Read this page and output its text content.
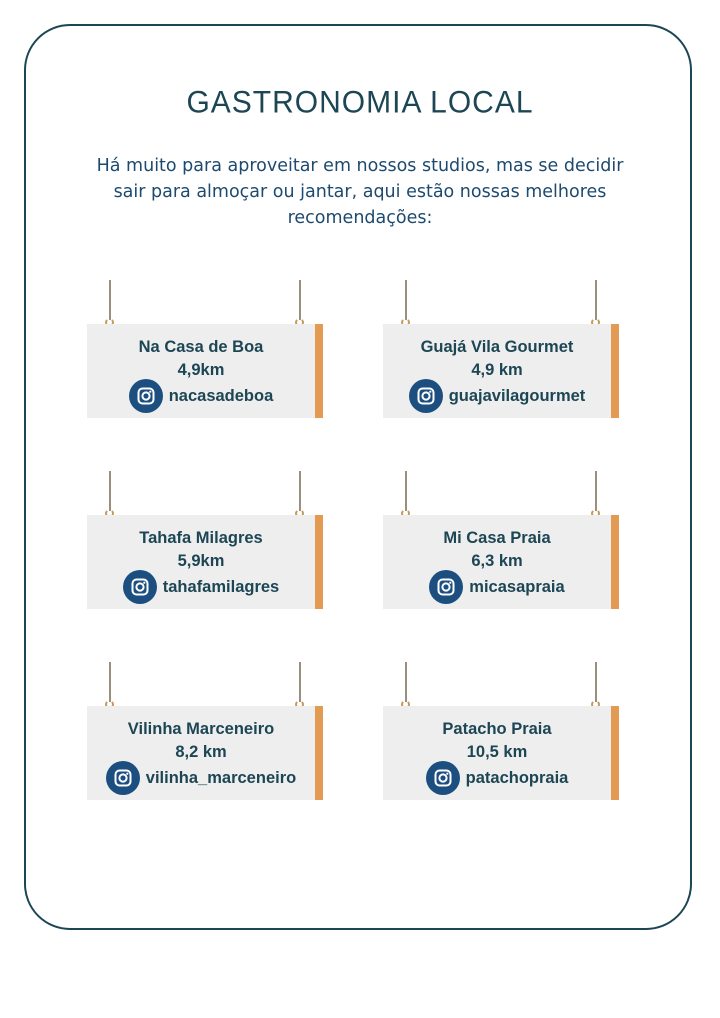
GASTRONOMIA LOCAL
Há muito para aproveitar em nossos studios, mas se decidir
sair para almoçar ou jantar, aqui estão nossas melhores
recomendações:
Na Casa de Boa
4,9km
nacasadeboa
Guajá Vila Gourmet
4,9 km
guajavilagourmet
Tahafa Milagres
5,9km
tahafamilagres
Mi Casa Praia
6,3 km
micasapraia
Vilinha Marceneiro
8,2 km
vilinha_marceneiro
Patacho Praia
10,5 km
patachopraia
